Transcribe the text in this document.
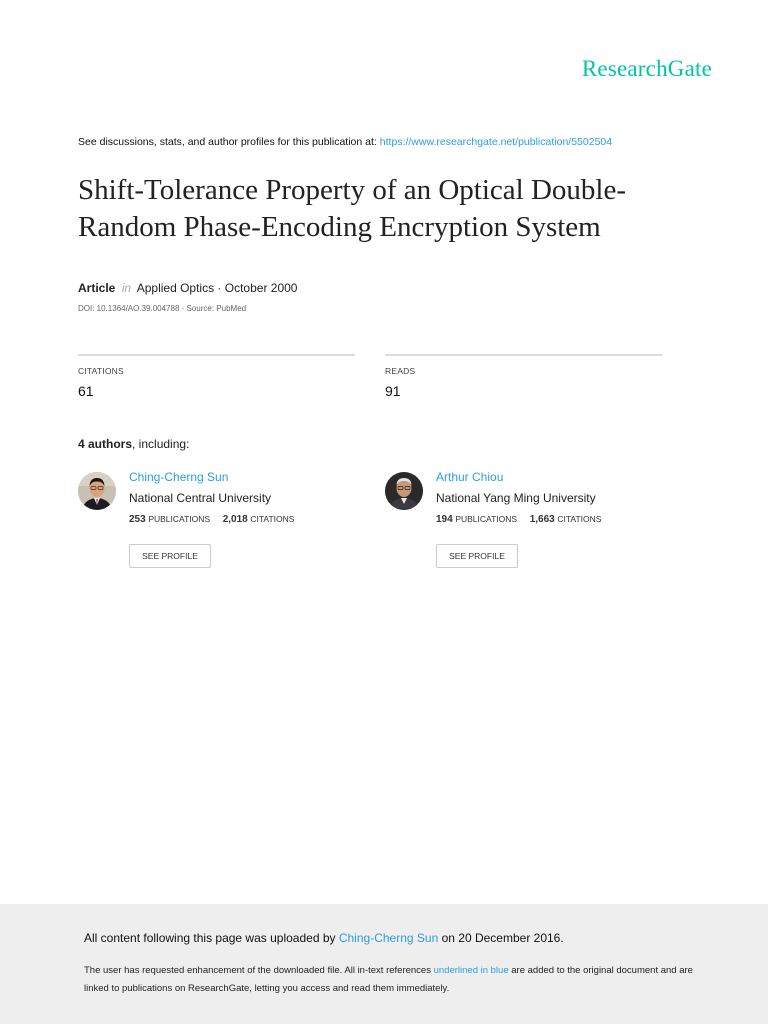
ResearchGate
See discussions, stats, and author profiles for this publication at: https://www.researchgate.net/publication/5502504
Shift-Tolerance Property of an Optical Double-
Random Phase-Encoding Encryption System
Article in Applied Optics · October 2000
DOI: 10.1364/AO.39.004788 · Source: PubMed
CITATIONS
61
READS
91
4 authors, including:
Ching-Cherng Sun
National Central University
253 PUBLICATIONS 2,018 CITATIONS
SEE PROFILE
Arthur Chiou
National Yang Ming University
194 PUBLICATIONS 1,663 CITATIONS
SEE PROFILE
All content following this page was uploaded by Ching-Cherng Sun on 20 December 2016.
The user has requested enhancement of the downloaded file. All in-text references underlined in blue are added to the original document and are linked to publications on ResearchGate, letting you access and read them immediately.
